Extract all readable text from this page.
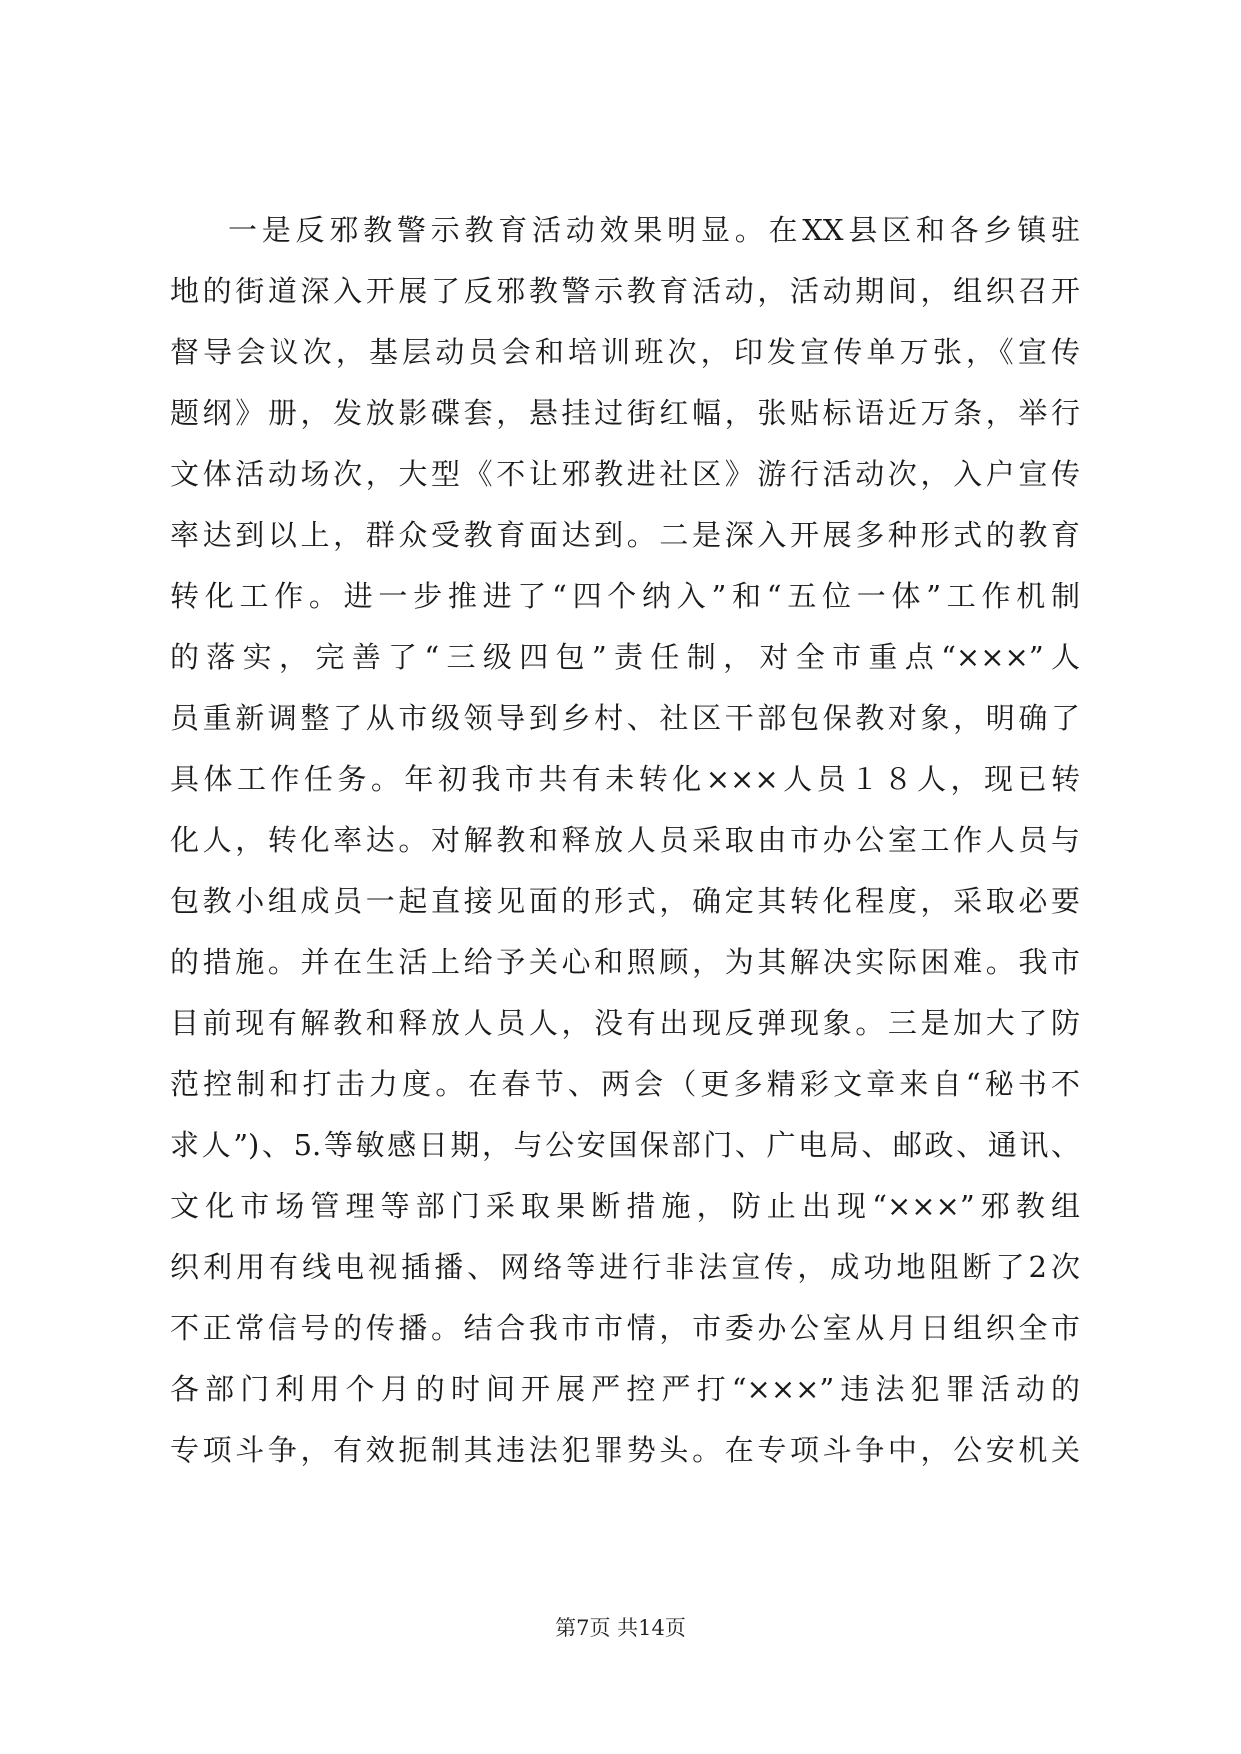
一是反邪教警示教育活动效果明显。在XX县区和各乡镇驻
地的街道深入开展了反邪教警示教育活动，活动期间，组织召开
督导会议次，基层动员会和培训班次，印发宣传单万张，《宣传
题纲》册，发放影碟套，悬挂过街红幅，张贴标语近万条，举行
文体活动场次，大型《不让邪教进社区》游行活动次，入户宣传
率达到以上，群众受教育面达到。二是深入开展多种形式的教育
转化工作。进一步推进了“四个纳入”和“五位一体”工作机制
的落实，完善了“三级四包”责任制，对全市重点“×××”人
员重新调整了从市级领导到乡村、社区干部包保教对象，明确了
具体工作任务。年初我市共有未转化×××人员１８人，现已转
化人，转化率达。对解教和释放人员采取由市办公室工作人员与
包教小组成员一起直接见面的形式，确定其转化程度，采取必要
的措施。并在生活上给予关心和照顾，为其解决实际困难。我市
目前现有解教和释放人员人，没有出现反弹现象。三是加大了防
范控制和打击力度。在春节、两会（更多精彩文章来自“秘书不
求人”)、5.等敏感日期，与公安国保部门、广电局、邮政、通讯、
文化市场管理等部门采取果断措施，防止出现“×××”邪教组
织利用有线电视插播、网络等进行非法宣传，成功地阻断了2次
不正常信号的传播。结合我市市情，市委办公室从月日组织全市
各部门利用个月的时间开展严控严打“×××”违法犯罪活动的
专项斗争，有效扼制其违法犯罪势头。在专项斗争中，公安机关
第7页 共14页
